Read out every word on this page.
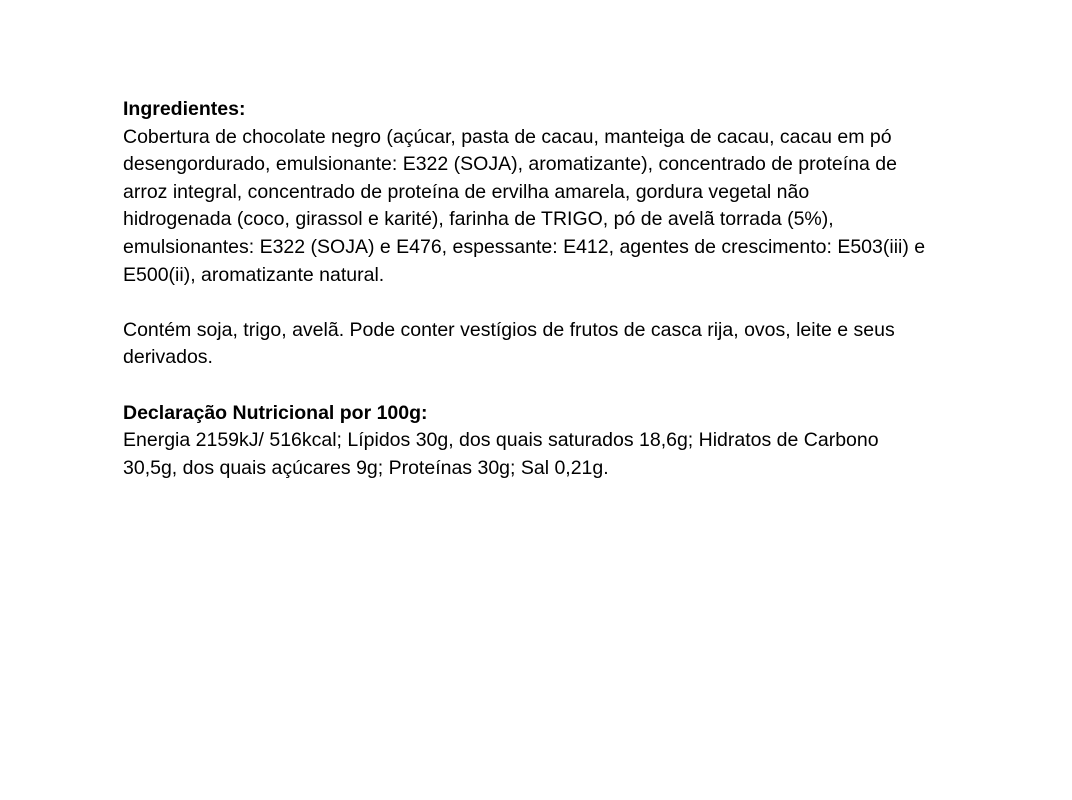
Ingredientes:

Cobertura de chocolate negro (açúcar, pasta de cacau, manteiga de cacau, cacau em pó

desengordurado, emulsionante: E322 (SOJA), aromatizante), concentrado de proteína de

arroz integral, concentrado de proteína de ervilha amarela, gordura vegetal não

hidrogenada (coco, girassol e karité), farinha de TRIGO, pó de avelã torrada (5%),

emulsionantes: E322 (SOJA) e E476, espessante: E412, agentes de crescimento: E503(iii) e

E500(ii), aromatizante natural.

Contém soja, trigo, avelã. Pode conter vestígios de frutos de casca rija, ovos, leite e seus

derivados.

Declaração Nutricional por 100g:

Energia 2159kJ/ 516kcal; Lípidos 30g, dos quais saturados 18,6g; Hidratos de Carbono

30,5g, dos quais açúcares 9g; Proteínas 30g; Sal 0,21g.
